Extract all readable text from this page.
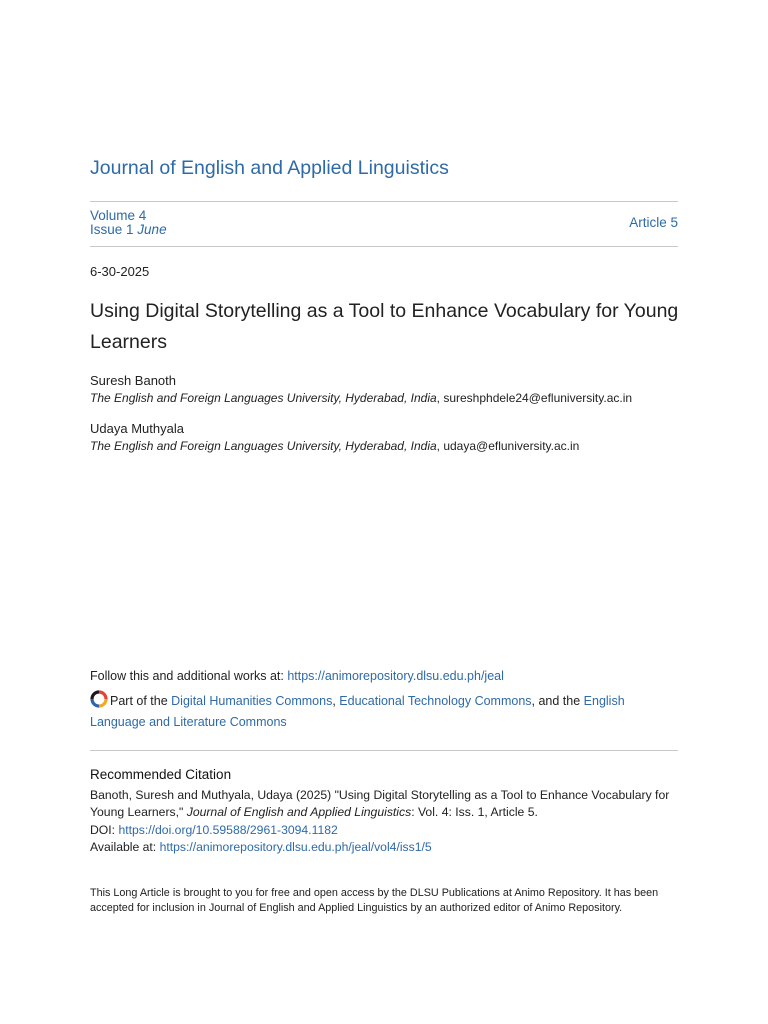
Journal of English and Applied Linguistics
Volume 4
Issue 1 June	Article 5
6-30-2025
Using Digital Storytelling as a Tool to Enhance Vocabulary for Young Learners
Suresh Banoth
The English and Foreign Languages University, Hyderabad, India, sureshphdele24@efluniversity.ac.in
Udaya Muthyala
The English and Foreign Languages University, Hyderabad, India, udaya@efluniversity.ac.in
Follow this and additional works at: https://animorepository.dlsu.edu.ph/jeal
Part of the Digital Humanities Commons, Educational Technology Commons, and the English Language and Literature Commons
Recommended Citation
Banoth, Suresh and Muthyala, Udaya (2025) "Using Digital Storytelling as a Tool to Enhance Vocabulary for Young Learners," Journal of English and Applied Linguistics: Vol. 4: Iss. 1, Article 5.
DOI: https://doi.org/10.59588/2961-3094.1182
Available at: https://animorepository.dlsu.edu.ph/jeal/vol4/iss1/5
This Long Article is brought to you for free and open access by the DLSU Publications at Animo Repository. It has been accepted for inclusion in Journal of English and Applied Linguistics by an authorized editor of Animo Repository.
